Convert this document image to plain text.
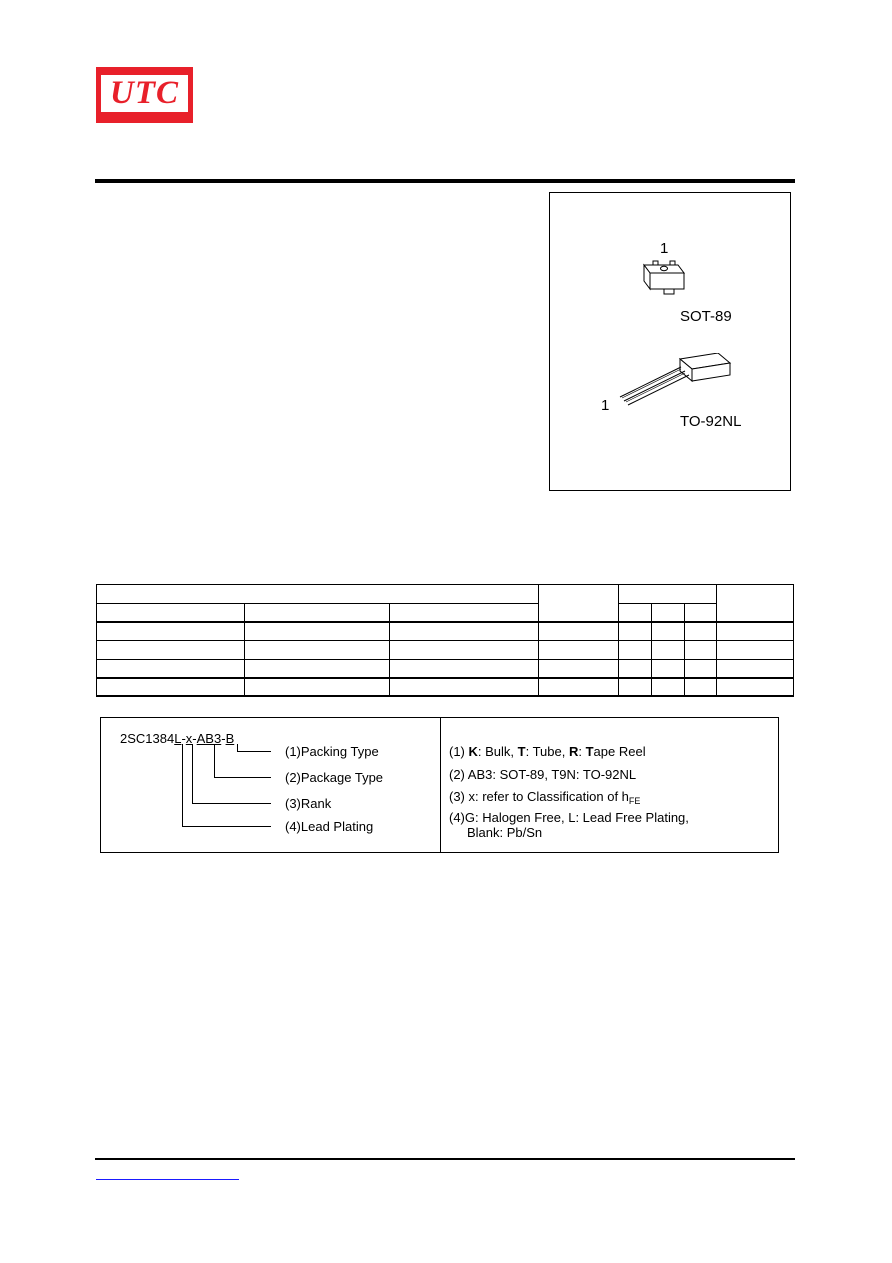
UTC
1
SOT-89
1
TO-92NL
2SC1384L-x-AB3-B
(1)Packing Type
(2)Package Type
(3)Rank
(4)Lead Plating
(1) K: Bulk, T: Tube, R: Tape Reel
(2) AB3: SOT-89, T9N: TO-92NL
(3) x: refer to Classification of $h_{FE}$
(4)G: Halogen Free, L: Lead Free Plating,
Blank: Pb/Sn
